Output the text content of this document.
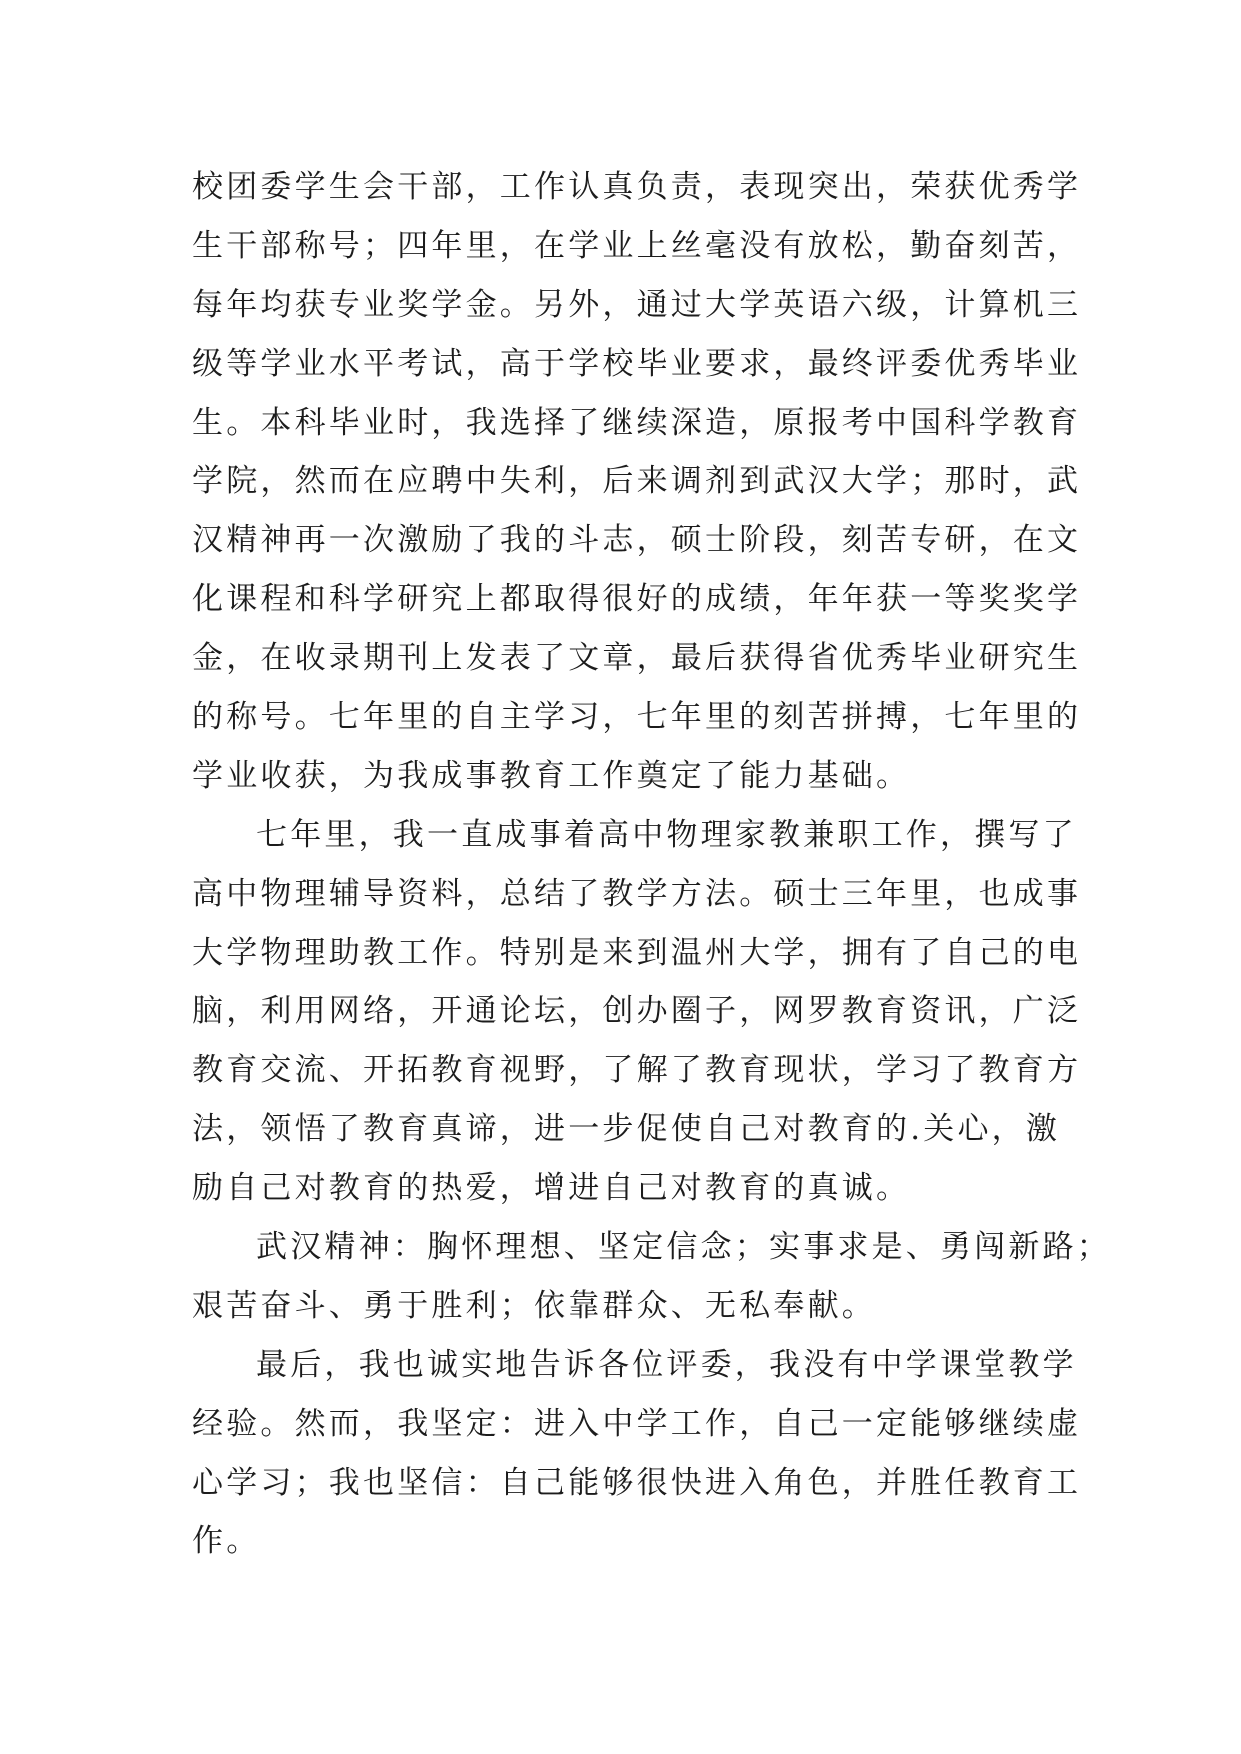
校团委学生会干部，工作认真负责，表现突出，荣获优秀学
生干部称号；四年里，在学业上丝毫没有放松，勤奋刻苦，
每年均获专业奖学金。另外，通过大学英语六级，计算机三
级等学业水平考试，高于学校毕业要求，最终评委优秀毕业
生。本科毕业时，我选择了继续深造，原报考中国科学教育
学院，然而在应聘中失利，后来调剂到武汉大学；那时，武
汉精神再一次激励了我的斗志，硕士阶段，刻苦专研，在文
化课程和科学研究上都取得很好的成绩，年年获一等奖奖学
金，在收录期刊上发表了文章，最后获得省优秀毕业研究生
的称号。七年里的自主学习，七年里的刻苦拼搏，七年里的
学业收获，为我成事教育工作奠定了能力基础。
七年里，我一直成事着高中物理家教兼职工作，撰写了
高中物理辅导资料，总结了教学方法。硕士三年里，也成事
大学物理助教工作。特别是来到温州大学，拥有了自己的电
脑，利用网络，开通论坛，创办圈子，网罗教育资讯，广泛
教育交流、开拓教育视野，了解了教育现状，学习了教育方
法，领悟了教育真谛，进一步促使自己对教育的.关心，激
励自己对教育的热爱，增进自己对教育的真诚。
武汉精神：胸怀理想、坚定信念；实事求是、勇闯新路；
艰苦奋斗、勇于胜利；依靠群众、无私奉献。
最后，我也诚实地告诉各位评委，我没有中学课堂教学
经验。然而，我坚定：进入中学工作，自己一定能够继续虚
心学习；我也坚信：自己能够很快进入角色，并胜任教育工
作。
